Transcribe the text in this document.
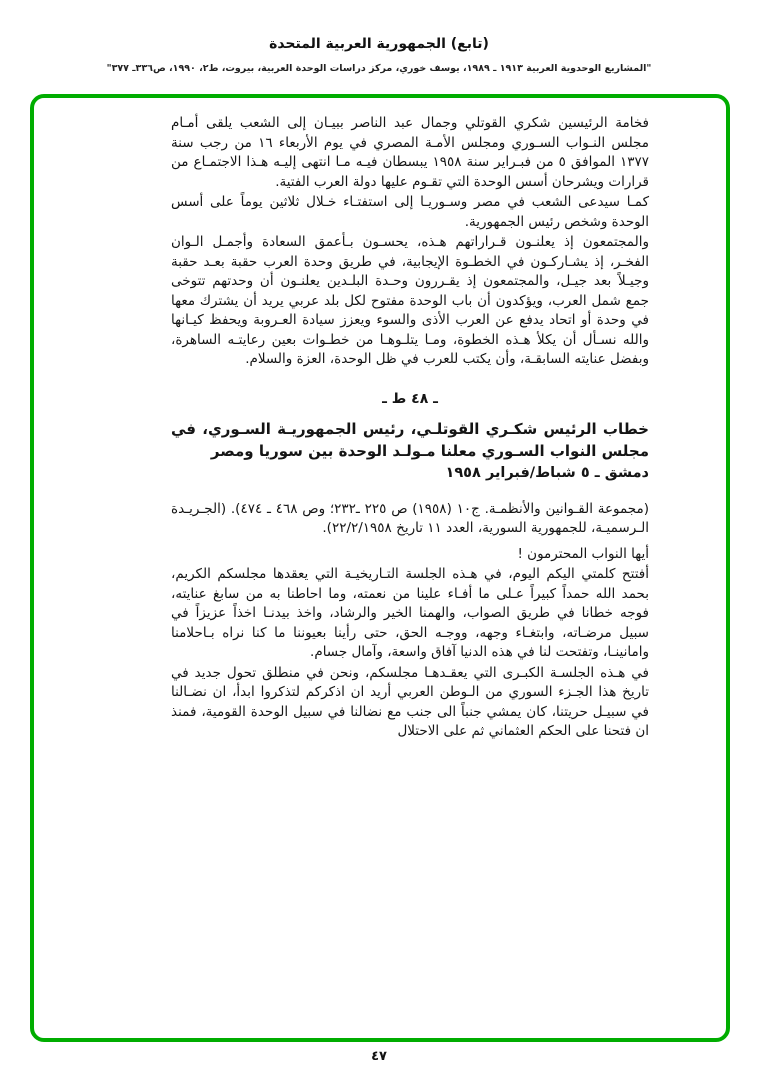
(تابع) الجمهورية العربية المتحدة
"المشاريع الوحدوية العربية ١٩١٣ ـ ١٩٨٩، يوسف خوري، مركز دراسات الوحدة العربية، بيروت، ط٢، ١٩٩٠، ص٣٣٦ـ ٣٧٧"

فخامة الرئيسين شكري القوتلي وجمال عبد الناصر ببيـان إلى الشعب يلقى أمـام مجلس النـواب السـوري ومجلس الأمـة المصري في يوم الأربعاء ١٦ من رجب سنة ١٣٧٧ الموافق ٥ من فبـراير سنة ١٩٥٨ يبسطان فيـه مـا انتهى إليـه هـذا الاجتمـاع من قرارات ويشرحان أسس الوحدة التي تقـوم عليها دولة العرب الفتية.

كمـا سيدعى الشعب في مصر وسـوريـا إلى استفتـاء خـلال ثلاثين يوماً على أسس الوحدة وشخص رئيس الجمهورية.

والمجتمعون إذ يعلنـون قـراراتهم هـذه، يحسـون بـأعمق السعادة وأجمـل الـوان الفخـر، إذ يشـاركـون في الخطـوة الإيجابية، في طريق وحدة العرب حقبة بعـد حقبة وجيـلاً بعد جيـل، والمجتمعون إذ يقـررون وحـدة البلـدين يعلنـون أن وحدتهم تتوخى جمع شمل العرب، ويؤكدون أن باب الوحدة مفتوح لكل بلد عربي يريد أن يشترك معها في وحدة أو اتحاد يدفع عن العرب الأذى والسوء ويعزز سيادة العـروبة ويحفظ كيـانها والله نسـأل أن يكلأ هـذه الخطوة، ومـا يتلـوهـا من خطـوات بعين رعايتـه الساهرة، وبفضل عنايته السابقـة، وأن يكتب للعرب في ظل الوحدة، العزة والسلام.

ـ ٤٨ ط ـ
خطاب الرئيس شكـري القوتلـي، رئيس الجمهوريـة السـوري، في مجلس النواب السـوري معلنا مـولـد الوحدة بين سوريا ومصر
دمشق ـ ٥ شباط/فبراير ١٩٥٨

(مجموعة القـوانين والأنظمـة. ج١٠ (١٩٥٨) ص ٢٢٥ ـ٢٣٢؛ وص ٤٦٨ ـ ٤٧٤). (الجـريـدة الـرسميـة، للجمهورية السورية، العدد ١١ تاريخ ٢٢/٢/١٩٥٨).

أيها النواب المحترمون !

أفتتح كلمتي اليكم اليوم، في هـذه الجلسة التـاريخيـة التي يعقدها مجلسكم الكريم، بحمد الله حمداً كبيراً عـلى ما أفـاء علينا من نعمته، وما احاطنا به من سابغ عنايته، فوجه خطانا في طريق الصواب، والهمنا الخير والرشاد، واخذ بيدنـا اخذاً عزيزاً في سبيل مرضـاته، وابتغـاء وجهه، ووجـه الحق، حتى رأينا بعيوننا ما كنا نراه بـاحلامنا وامانينـا، وتفتحت لنا في هذه الدنيا آفاق واسعة، وآمال جسام.

في هـذه الجلسـة الكبـرى التي يعقـدهـا مجلسكم، ونحن في منطلق تحول جديد في تاريخ هذا الجـزء السوري من الـوطن العربي أريد ان اذكركم لتذكروا ابدأ، ان نضـالنا في سبيـل حريتنا، كان يمشي جنباً الى جنب مع نضالنا في سبيل الوحدة القومية، فمنذ ان فتحنا على الحكم العثماني ثم على الاحتلال

٤٧
